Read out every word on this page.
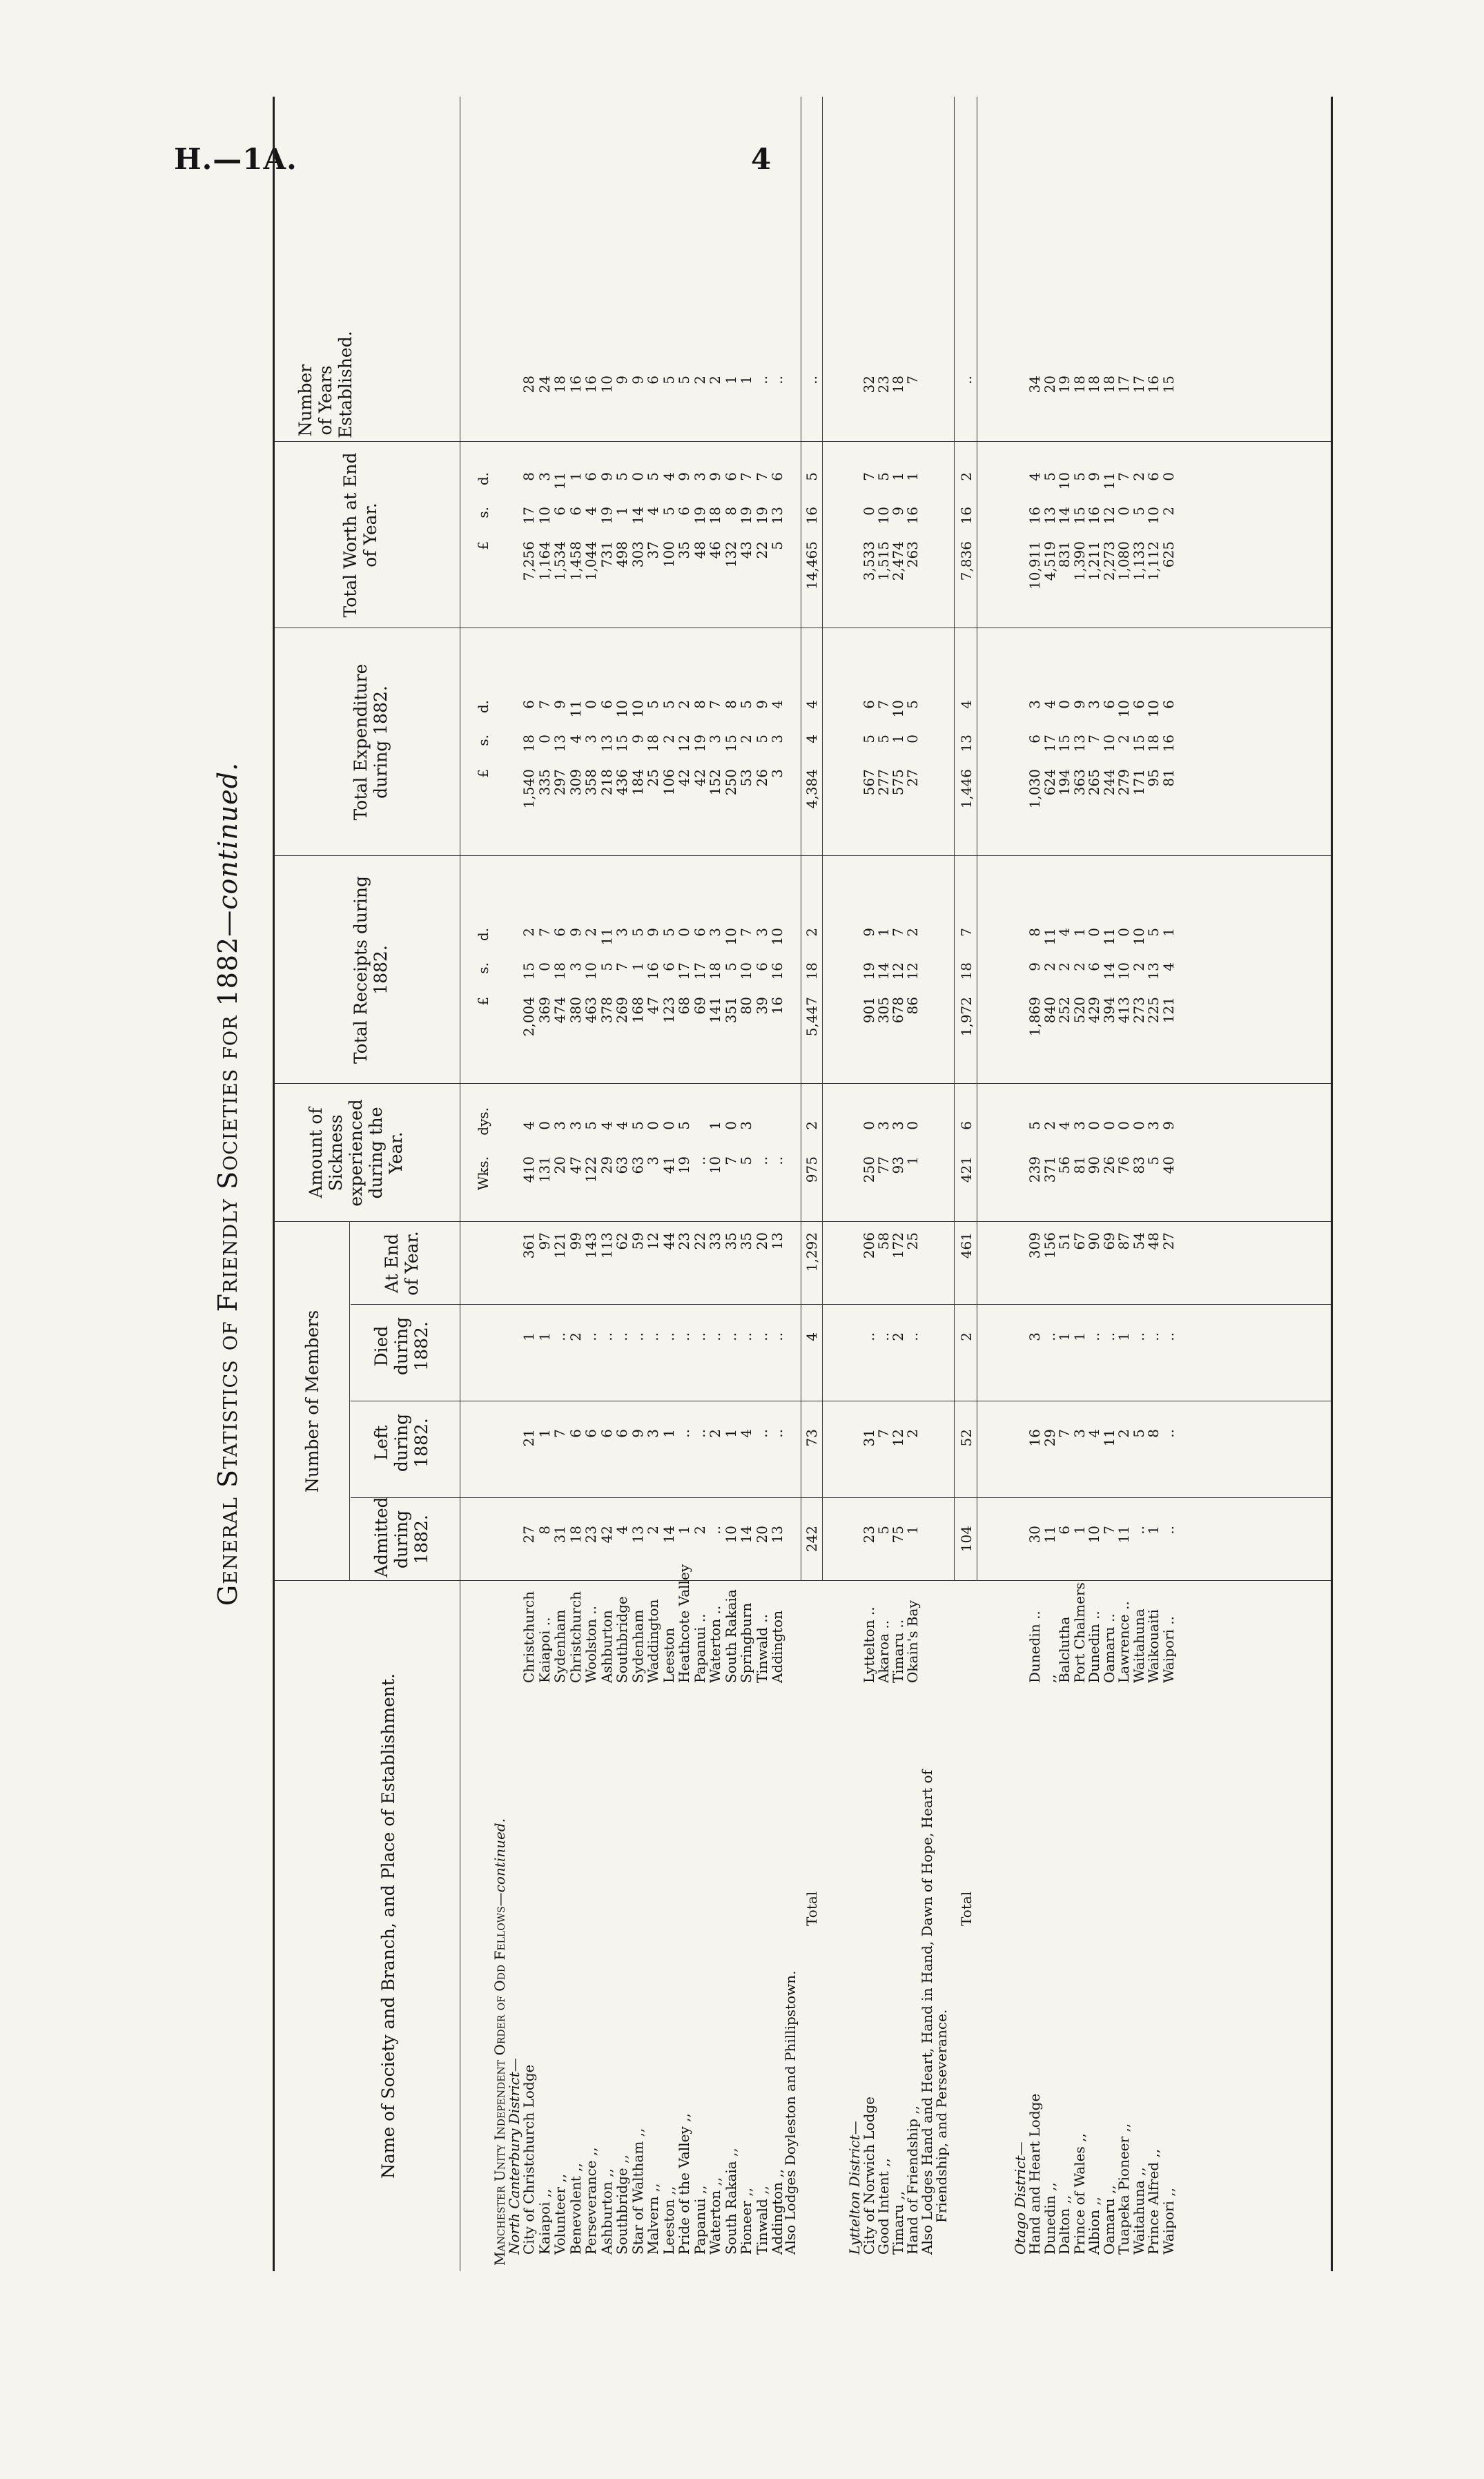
H.—1A.	4
General Statistics of Friendly Societies for 1882—continued.
Name of Society and Branch, and Place of Establishment.
Number of Members
Admitted during 1882.
Left during 1882.
Died during 1882.
At End of Year.
Amount of Sickness experienced during the Year.
Total Receipts during 1882.
Total Expenditure during 1882.
Total Worth at End of Year.
Number of Years Established.
Wks.
dys.
£
s.
d.
£
s.
d.
£
s.
d.
Manchester Unity Independent Order of Odd Fellows—continued.
North Canterbury District—
City of Christchurch Lodge
Christchurch
27
21
1
361
410
4
2,004
15
2
1,540
18
6
7,256
17
8
28
Kaiapoi ,,
Kaiapoi ..
8
1
1
97
131
0
369
0
7
335
0
7
1,164
10
3
24
Volunteer ,,
Sydenham
31
7
..
121
20
3
474
18
6
297
13
9
1,534
6
11
18
Benevolent ,,
Christchurch
18
6
2
99
47
3
380
3
9
309
4
11
1,458
6
1
16
Perseverance ,,
Woolston ..
23
6
..
143
122
5
463
10
2
358
3
0
1,044
4
6
16
Ashburton ,,
Ashburton
42
6
..
113
29
4
378
5
11
218
13
6
731
19
9
10
Southbridge ,,
Southbridge
4
6
..
62
63
4
269
7
3
436
15
10
498
1
5
9
Star of Waltham ,,
Sydenham
13
9
..
59
63
5
168
1
5
184
9
10
303
14
0
9
Malvern ,,
Waddington
2
3
..
12
3
0
47
16
9
25
18
5
37
4
5
6
Leeston ,,
Leeston
14
1
..
44
41
0
123
6
5
106
2
5
100
5
4
5
Pride of the Valley ,,
Heathcote Valley
1
..
..
23
19
5
68
17
0
42
12
2
35
6
9
5
Papanui ,,
Papanui ..
2
..
..
22
..
69
17
6
42
19
8
48
19
3
2
Waterton ,,
Waterton ..
..
2
..
33
10
1
141
18
3
152
3
7
46
18
9
2
South Rakaia ,,
South Rakaia
10
1
..
35
7
0
351
5
10
250
15
8
132
8
6
1
Pioneer ,,
Springburn
14
4
..
35
5
3
80
10
7
53
2
5
43
19
7
1
Tinwald ,,
Tinwald ..
20
..
..
20
..
39
6
3
26
5
9
22
19
7
..
Addington ,,
Addington
13
..
..
13
..
16
16
10
3
3
4
5
13
6
..
Also Lodges Doyleston and Phillipstown.
Total
242
73
4
1,292
975
2
5,447
18
2
4,384
4
4
14,465
16
5
..
Lyttelton District—
City of Norwich Lodge
Lyttelton ..
23
31
..
206
250
0
901
19
9
567
5
6
3,533
0
7
32
Good Intent ,,
Akaroa ..
5
7
..
58
77
3
305
14
1
277
5
7
1,515
10
5
23
Timaru ,,
Timaru ..
75
12
2
172
93
3
678
12
7
575
1
10
2,474
9
1
18
Hand of Friendship ,,
Okain's Bay
1
2
..
25
1
0
86
12
2
27
0
5
263
16
1
7
Also Lodges Hand and Heart, Hand in Hand, Dawn of Hope, Heart of
Friendship, and Perseverance.
Total
104
52
2
461
421
6
1,972
18
7
1,446
13
4
7,836
16
2
..
Otago District—
Hand and Heart Lodge
Dunedin ..
30
16
3
309
239
5
1,869
9
8
1,030
6
3
10,911
16
4
34
Dunedin ,,
,,
11
29
..
156
371
2
840
2
11
624
17
4
4,519
13
5
20
Dalton ,,
Balclutha
6
7
1
51
56
4
252
2
4
194
15
0
831
14
10
19
Prince of Wales ,,
Port Chalmers
1
3
1
67
81
3
520
2
1
363
13
9
1,390
15
5
18
Albion ,,
Dunedin ..
10
4
..
90
90
0
429
6
0
265
7
3
1,211
16
9
18
Oamaru ,,
Oamaru ..
7
11
..
69
26
0
394
14
11
244
10
6
2,273
12
11
18
Tuapeka Pioneer ,,
Lawrence ..
11
2
1
87
76
0
413
10
0
279
2
10
1,080
0
7
17
Waitahuna ,,
Waitahuna
..
5
..
54
83
0
273
2
10
171
15
6
1,133
5
2
17
Prince Alfred ,,
Waikouaiti
1
8
..
48
5
3
225
13
5
95
18
10
1,112
10
6
16
Waipori ,,
Waipori ..
..
..
..
27
40
9
121
4
1
81
16
6
625
2
0
15
